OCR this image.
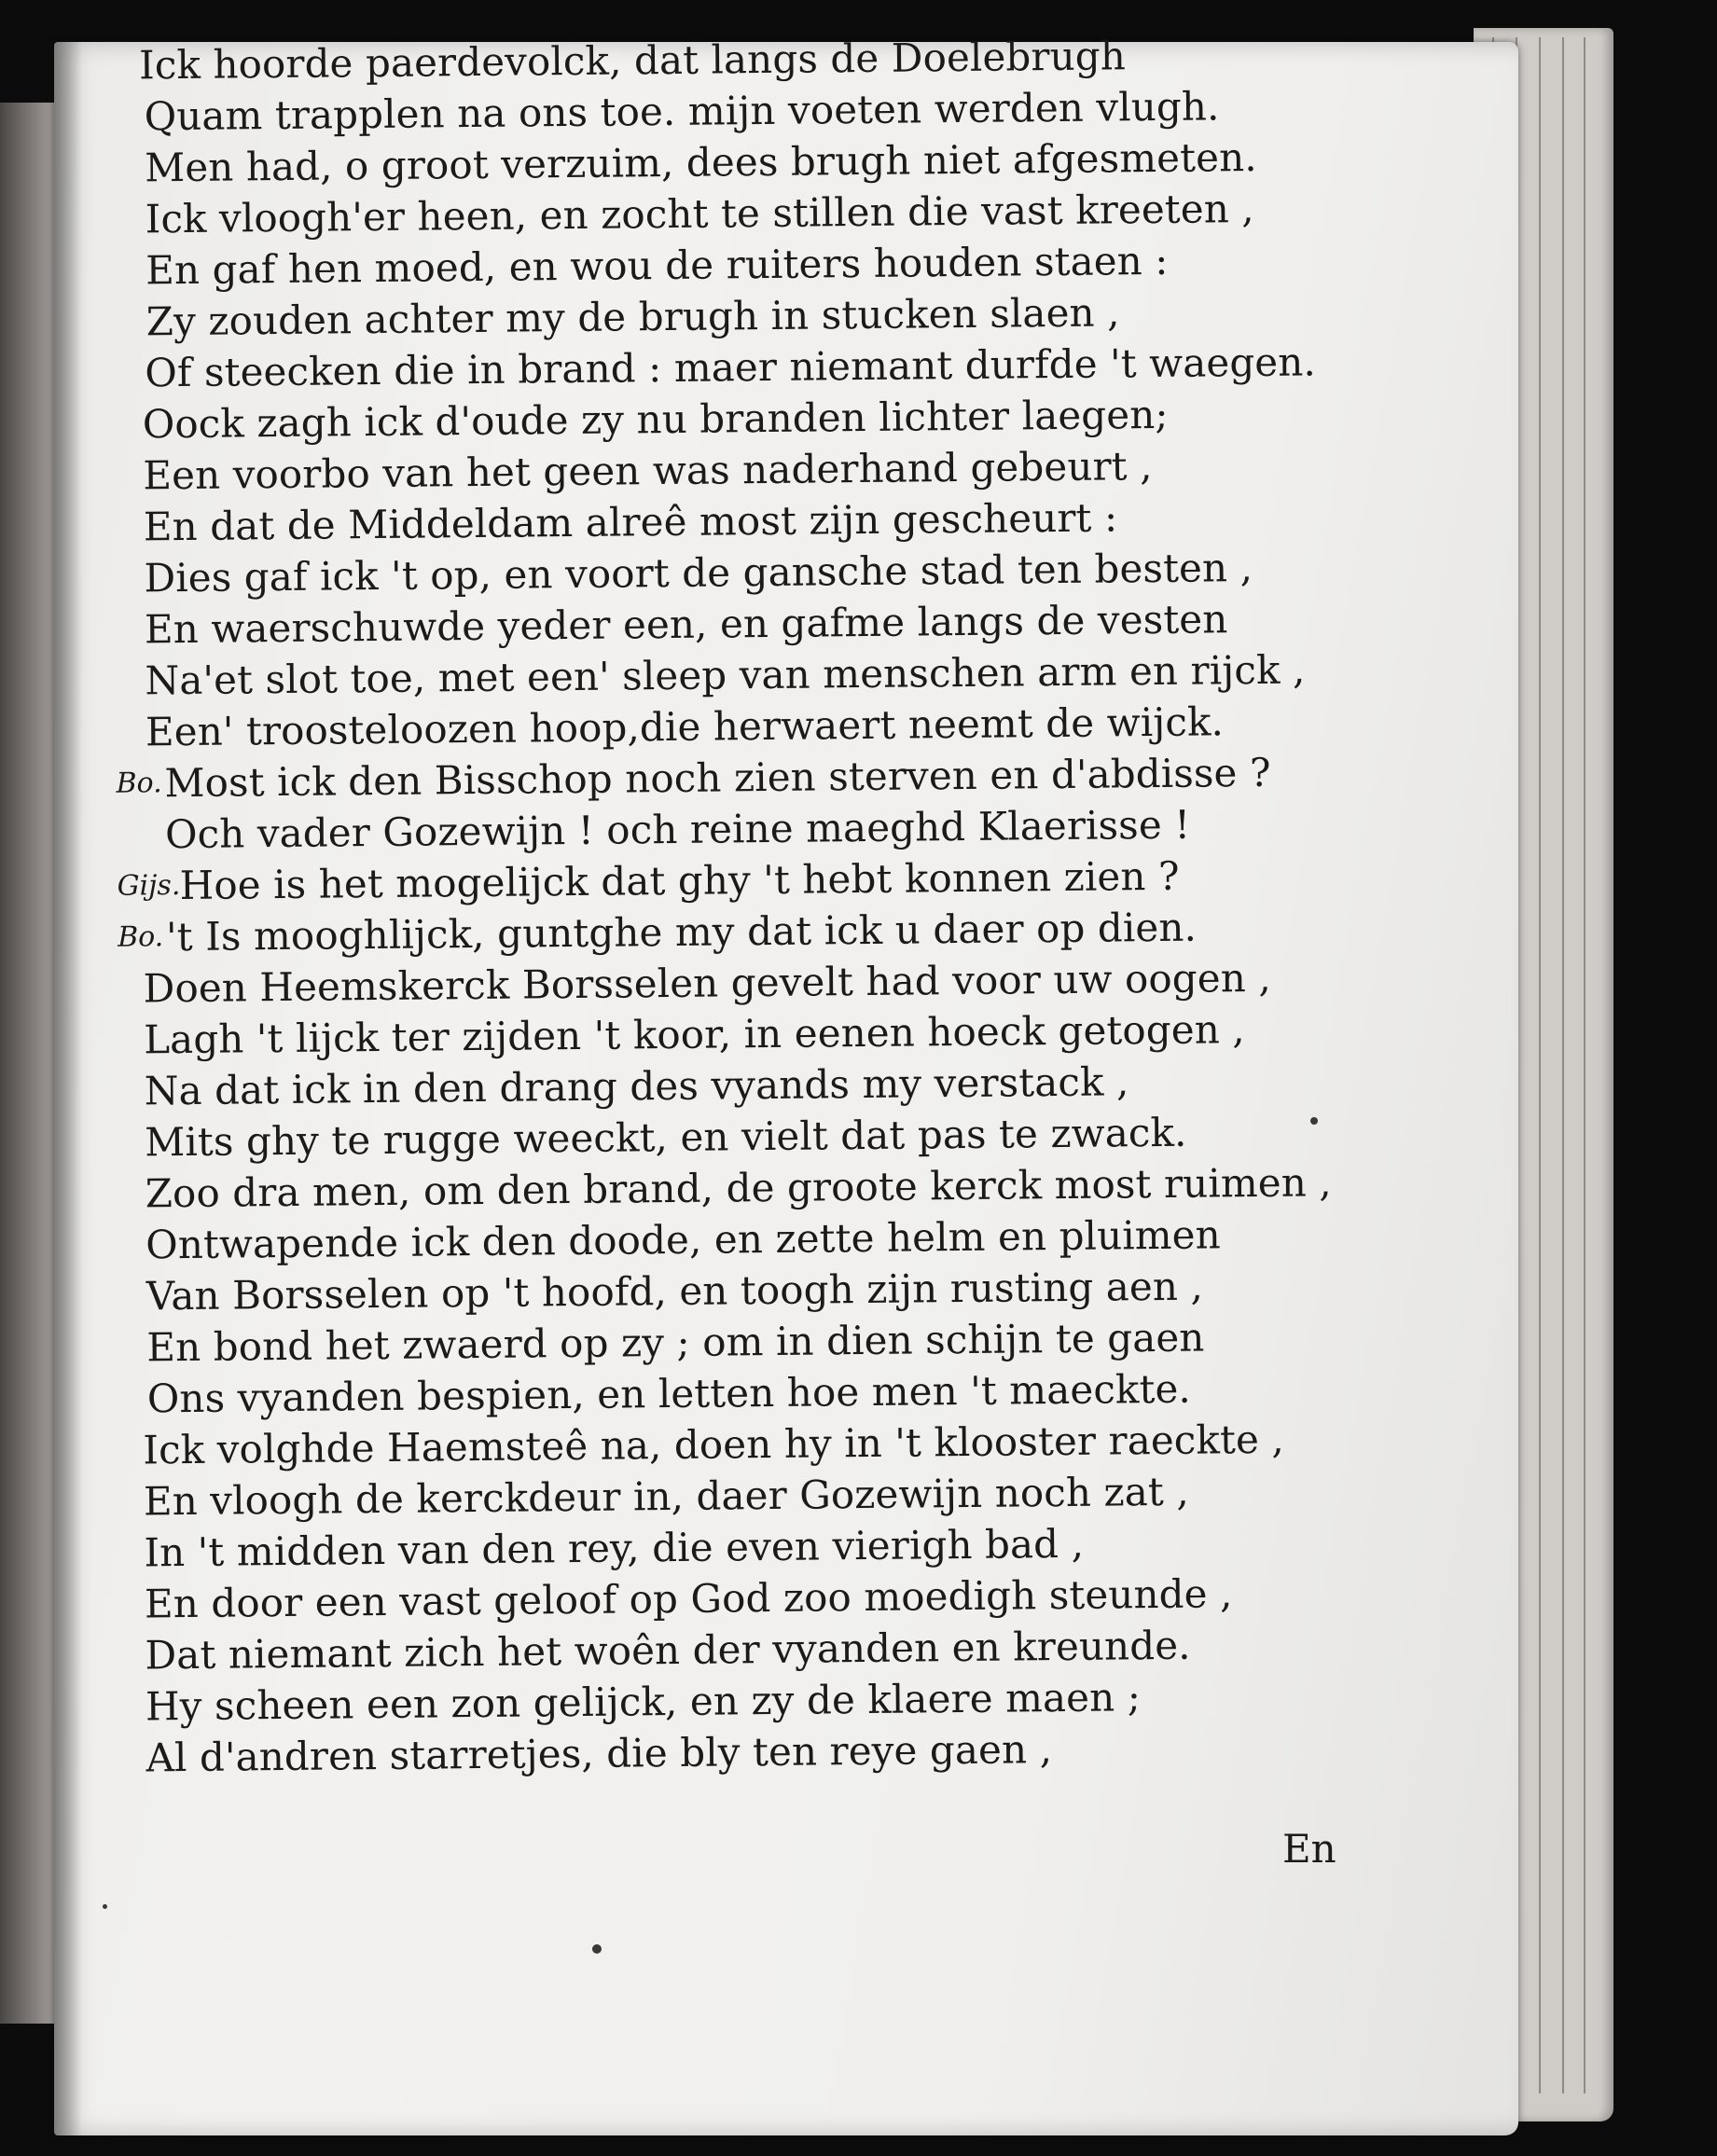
Ick hoorde paerdevolck, dat langs de Doelebrugh
Quam trapplen na ons toe. mijn voeten werden vlugh.
Men had, o groot verzuim, dees brugh niet afgesmeten.
Ick vloogh'er heen, en zocht te stillen die vast kreeten ,
En gaf hen moed, en wou de ruiters houden staen :
Zy zouden achter my de brugh in stucken slaen ,
Of steecken die in brand : maer niemant durfde 't waegen.
Oock zagh ick d'oude zy nu branden lichter laegen;
Een voorbo van het geen was naderhand gebeurt ,
En dat de Middeldam alreê most zijn gescheurt :
Dies gaf ick 't op, en voort de gansche stad ten besten ,
En waerschuwde yeder een, en gafme langs de vesten
Na'et slot toe, met een' sleep van menschen arm en rijck ,
Een' troosteloozen hoop,die herwaert neemt de wijck.
Bo. Most ick den Bisschop noch zien sterven en d'abdisse ?
Och vader Gozewijn ! och reine maeghd Klaerisse !
Gijs.
Hoe is het mogelijck dat ghy 't hebt konnen zien ?
Bo. 't Is mooghlijck, guntghe my dat ick u daer op dien.
Doen Heemskerck Borsselen gevelt had voor uw oogen ,
Lagh 't lijck ter zijden 't koor, in eenen hoeck getogen ,
Na dat ick in den drang des vyands my verstack ,
Mits ghy te rugge weeckt, en vielt dat pas te zwack.
Zoo dra men, om den brand, de groote kerck most ruimen ,
Ontwapende ick den doode, en zette helm en pluimen
Van Borsselen op 't hoofd, en toogh zijn rusting aen ,
En bond het zwaerd op zy ; om in dien schijn te gaen
Ons vyanden bespien, en letten hoe men 't maeckte.
Ick volghde Haemsteê na, doen hy in 't klooster raeckte ,
En vloogh de kerckdeur in, daer Gozewijn noch zat ,
In 't midden van den rey, die even vierigh bad ,
En door een vast geloof op God zoo moedigh steunde ,
Dat niemant zich het woên der vyanden en kreunde.
Hy scheen een zon gelijck, en zy de klaere maen ;
Al d'andren starretjes, die bly ten reye gaen ,
En
